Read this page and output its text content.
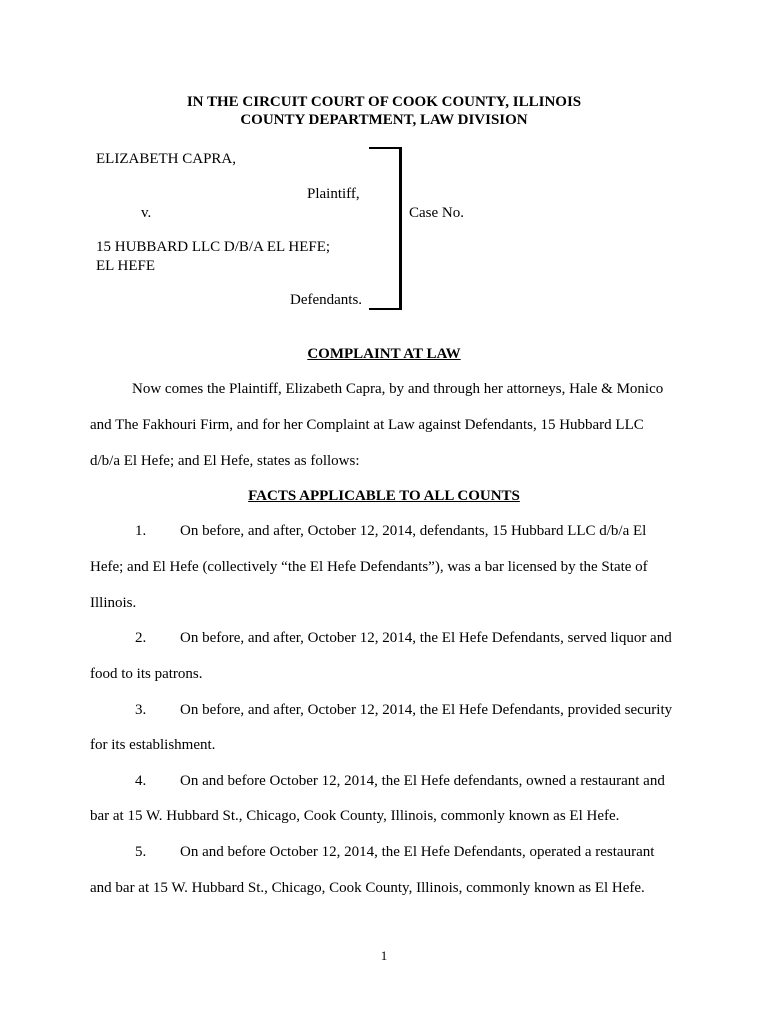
IN THE CIRCUIT COURT OF COOK COUNTY, ILLINOIS
COUNTY DEPARTMENT, LAW DIVISION
ELIZABETH CAPRA,
Plaintiff,
v.
15 HUBBARD LLC D/B/A EL HEFE;
EL HEFE
Defendants.
Case No.
COMPLAINT AT LAW
Now comes the Plaintiff, Elizabeth Capra, by and through her attorneys, Hale & Monico
and The Fakhouri Firm, and for her Complaint at Law against Defendants, 15 Hubbard LLC
d/b/a El Hefe; and El Hefe, states as follows:
FACTS APPLICABLE TO ALL COUNTS
1. On before, and after, October 12, 2014, defendants, 15 Hubbard LLC d/b/a El
Hefe; and El Hefe (collectively “the El Hefe Defendants”), was a bar licensed by the State of
Illinois.
2. On before, and after, October 12, 2014, the El Hefe Defendants, served liquor and
food to its patrons.
3. On before, and after, October 12, 2014, the El Hefe Defendants, provided security
for its establishment.
4. On and before October 12, 2014, the El Hefe defendants, owned a restaurant and
bar at 15 W. Hubbard St., Chicago, Cook County, Illinois, commonly known as El Hefe.
5. On and before October 12, 2014, the El Hefe Defendants, operated a restaurant
and bar at 15 W. Hubbard St., Chicago, Cook County, Illinois, commonly known as El Hefe.
1
